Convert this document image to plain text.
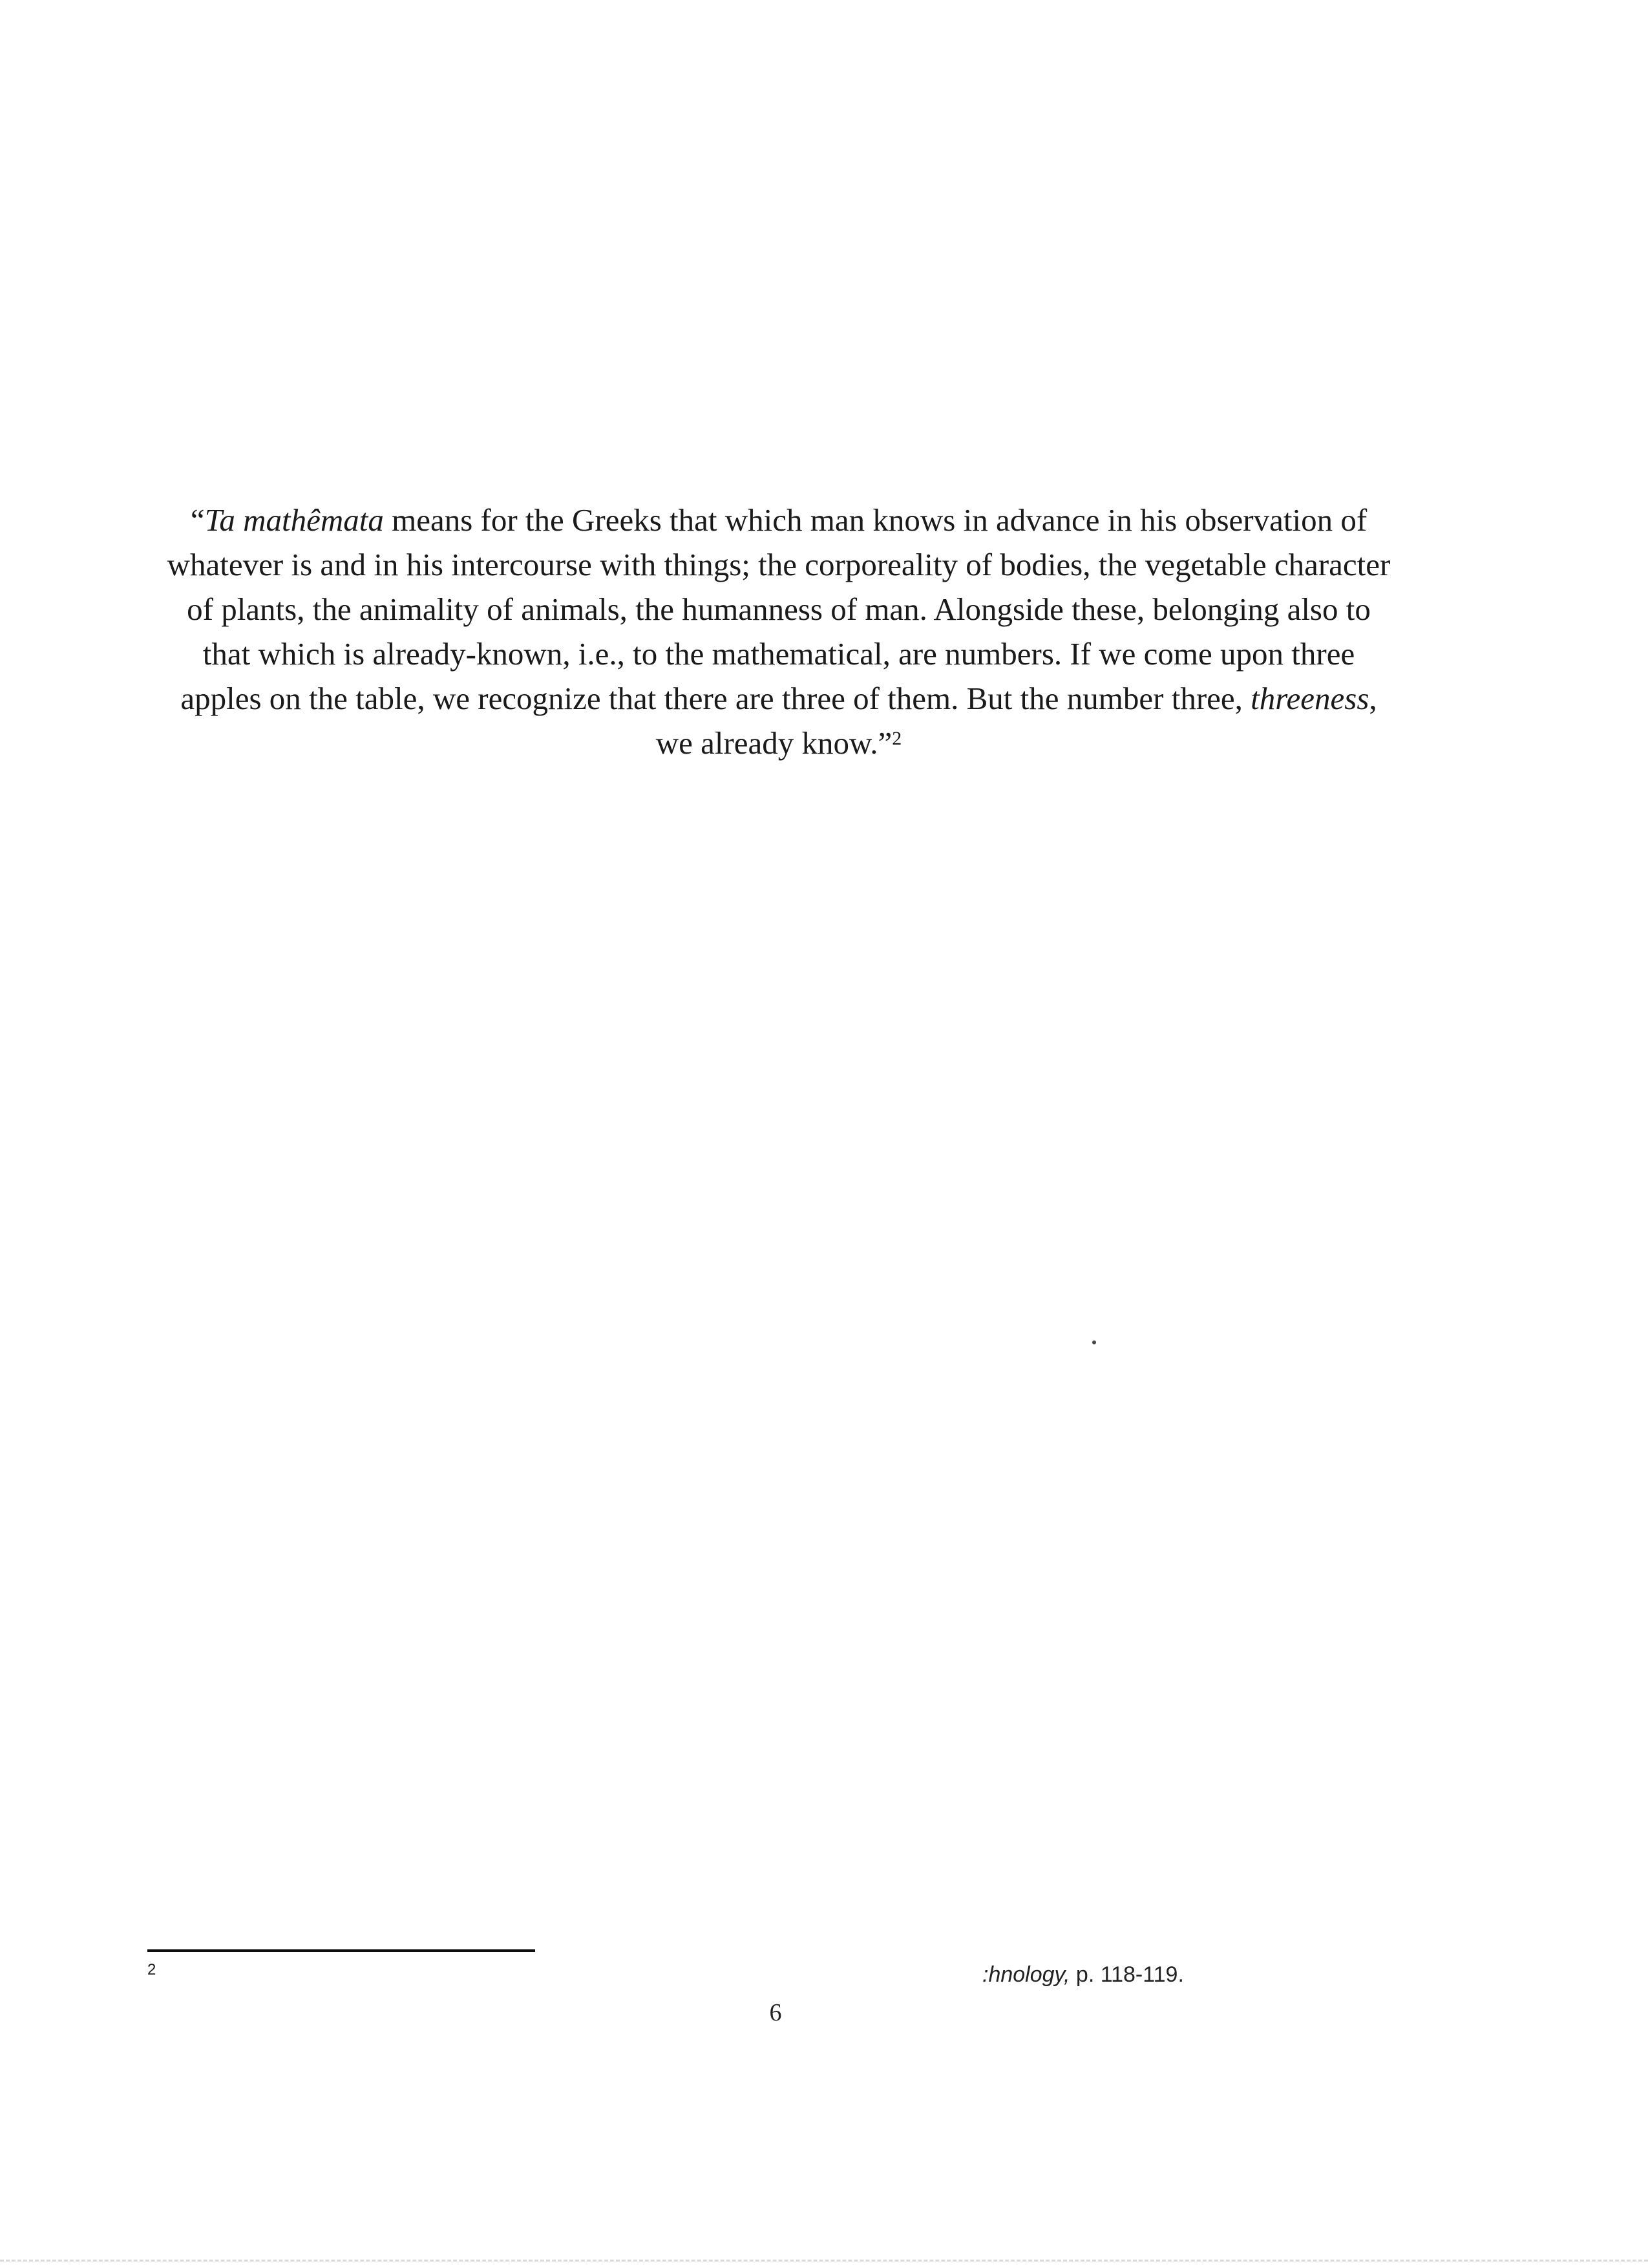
“Ta mathêmata means for the Greeks that which man knows in advance in his observation of
whatever is and in his intercourse with things; the corporeality of bodies, the vegetable character
of plants, the animality of animals, the humanness of man. Alongside these, belonging also to
that which is already-known, i.e., to the mathematical, are numbers. If we come upon three
apples on the table, we recognize that there are three of them. But the number three, threeness,
we already know.”$^2$

2	:hnology, p. 118-119.
6
